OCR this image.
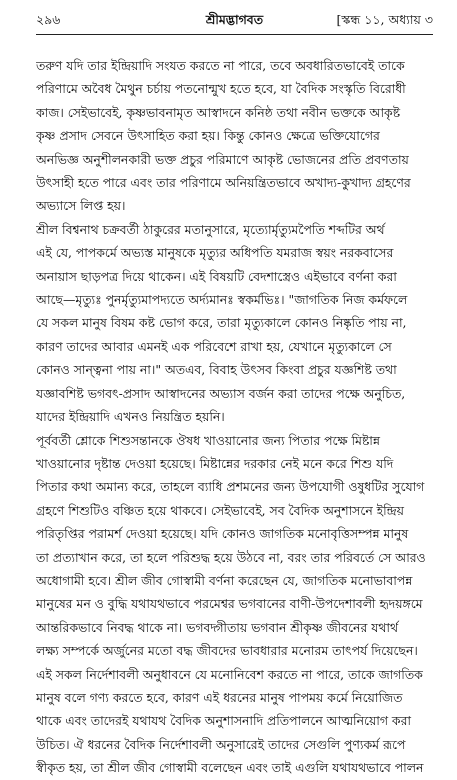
২৯৬	শ্রীমদ্ভাগবত	[স্কন্ধ ১১, অধ্যায় ৩
তরুণ যদি তার ইন্দ্রিয়াদি সংযত করতে না পারে, তবে অবধারিতভাবেই তাকে
পরিণামে অবৈধ মৈথুন চর্চায় পতনোন্মুখ হতে হবে, যা বৈদিক সংস্কৃতি বিরোধী
কাজ। সেইভাবেই, কৃষ্ণভাবনামৃত আস্বাদনে কনিষ্ঠ তথা নবীন ভক্তকে আকৃষ্ট
কৃষ্ণ প্রসাদ সেবনে উৎসাহিত করা হয়। কিন্তু কোনও ক্ষেত্রে ভক্তিযোগের
অনভিজ্ঞ অনুশীলনকারী ভক্ত প্রচুর পরিমাণে আকৃষ্ট ভোজনের প্রতি প্রবণতায়
উৎসাহী হতে পারে এবং তার পরিণামে অনিয়ন্ত্রিতভাবে অখাদ্য-কুখাদ্য গ্রহণের
অভ্যাসে লিপ্ত হয়।
শ্রীল বিশ্বনাথ চক্রবর্তী ঠাকুরের মতানুসারে, মৃত্যোর্মৃত্যুমপৈতি শব্দটির অর্থ
এই যে, পাপকর্মে অভ্যস্ত মানুষকে মৃত্যুর অধিপতি যমরাজ স্বয়ং নরকবাসের
অনায়াস ছাড়পত্র দিয়ে থাকেন। এই বিষয়টি বেদশাস্ত্রেও এইভাবে বর্ণনা করা
আছে—মৃত্যুঃ পুনর্মৃত্যুমাপদ্যতে অর্দ্যমানঃ স্বকর্মভিঃ। "জাগতিক নিজ কর্মফলে
যে সকল মানুষ বিষম কষ্ট ভোগ করে, তারা মৃত্যুকালে কোনও নিষ্কৃতি পায় না,
কারণ তাদের আবার এমনই এক পরিবেশে রাখা হয়, যেখানে মৃত্যুকালে সে
কোনও সান্ত্বনা পায় না।" অতএব, বিবাহ উৎসব কিংবা প্রচুর যজ্ঞশিষ্ট তথা
যজ্ঞাবশিষ্ট ভগবৎ-প্রসাদ আস্বাদনের অভ্যাস বর্জন করা তাদের পক্ষে অনুচিত,
যাদের ইন্দ্রিয়াদি এখনও নিয়ন্ত্রিত হয়নি।
পূর্ববর্তী শ্লোকে শিশুসন্তানকে ঔষধ খাওয়ানোর জন্য পিতার পক্ষে মিষ্টান্ন
খাওয়ানোর দৃষ্টান্ত দেওয়া হয়েছে। মিষ্টান্নের দরকার নেই মনে করে শিশু যদি
পিতার কথা অমান্য করে, তাহলে ব্যাধি প্রশমনের জন্য উপযোগী ওষুধটির সুযোগ
গ্রহণে শিশুটিও বঞ্চিত হয়ে থাকবে। সেইভাবেই, সব বৈদিক অনুশাসনে ইন্দ্রিয়
পরিতৃপ্তির পরামর্শ দেওয়া হয়েছে। যদি কোনও জাগতিক মনোবৃত্তিসম্পন্ন মানুষ
তা প্রত্যাখান করে, তা হলে পরিশুদ্ধ হয়ে উঠবে না, বরং তার পরিবর্তে সে আরও
অধোগামী হবে। শ্রীল জীব গোস্বামী বর্ণনা করেছেন যে, জাগতিক মনোভাবাপন্ন
মানুষের মন ও বুদ্ধি যথাযথভাবে পরমেশ্বর ভগবানের বাণী-উপদেশাবলী হৃদয়ঙ্গমে
আন্তরিকভাবে নিবদ্ধ থাকে না। ভগবদ্গীতায় ভগবান শ্রীকৃষ্ণ জীবনের যথার্থ
লক্ষ্য সম্পর্কে অর্জুনের মতো বদ্ধ জীবদের ভাবধারার মনোরম তাৎপর্য দিয়েছেন।
এই সকল নির্দেশাবলী অনুধাবনে যে মনোনিবেশ করতে না পারে, তাকে জাগতিক
মানুষ বলে গণ্য করতে হবে, কারণ এই ধরনের মানুষ পাপময় কর্মে নিয়োজিত
থাকে এবং তাদেরই যথাযথ বৈদিক অনুশাসনাদি প্রতিপালনে আত্মনিয়োগ করা
উচিত। ঐ ধরনের বৈদিক নির্দেশাবলী অনুসারেই তাদের সেগুলি পুণ্যকর্ম রূপে
স্বীকৃত হয়, তা শ্রীল জীব গোস্বামী বলেছেন এবং তাই এগুলি যথাযথভাবে পালন
